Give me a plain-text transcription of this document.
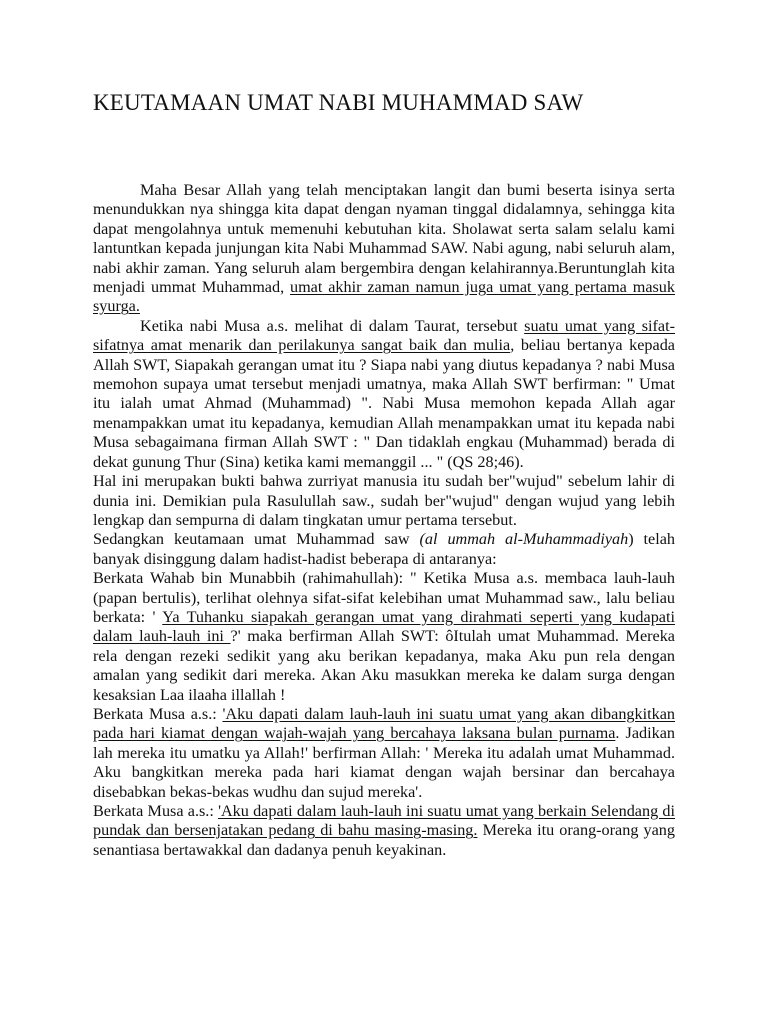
KEUTAMAAN UMAT NABI MUHAMMAD SAW

Maha Besar Allah yang telah menciptakan langit dan bumi beserta isinya serta menundukkan nya shingga kita dapat dengan nyaman tinggal didalamnya, sehingga kita dapat mengolahnya untuk memenuhi kebutuhan kita. Sholawat serta salam selalu kami lantuntkan kepada junjungan kita Nabi Muhammad SAW. Nabi agung, nabi seluruh alam, nabi akhir zaman. Yang seluruh alam bergembira dengan kelahirannya.Beruntunglah kita menjadi ummat Muhammad, umat akhir zaman namun juga umat yang pertama masuk syurga.

Ketika nabi Musa a.s. melihat di dalam Taurat, tersebut suatu umat yang sifat-sifatnya amat menarik dan perilakunya sangat baik dan mulia, beliau bertanya kepada Allah SWT, Siapakah gerangan umat itu ? Siapa nabi yang diutus kepadanya ? nabi Musa memohon supaya umat tersebut menjadi umatnya, maka Allah SWT berfirman: " Umat itu ialah umat Ahmad (Muhammad) ". Nabi Musa memohon kepada Allah agar menampakkan umat itu kepadanya, kemudian Allah menampakkan umat itu kepada nabi Musa sebagaimana firman Allah SWT : " Dan tidaklah engkau (Muhammad) berada di dekat gunung Thur (Sina) ketika kami memanggil ... " (QS 28;46).

Hal ini merupakan bukti bahwa zurriyat manusia itu sudah ber"wujud" sebelum lahir di dunia ini. Demikian pula Rasulullah saw., sudah ber"wujud" dengan wujud yang lebih lengkap dan sempurna di dalam tingkatan umur pertama tersebut.

Sedangkan keutamaan umat Muhammad saw (al ummah al-Muhammadiyah) telah banyak disinggung dalam hadist-hadist beberapa di antaranya:

Berkata Wahab bin Munabbih (rahimahullah): " Ketika Musa a.s. membaca lauh-lauh (papan bertulis), terlihat olehnya sifat-sifat kelebihan umat Muhammad saw., lalu beliau berkata: ' Ya Tuhanku siapakah gerangan umat yang dirahmati seperti yang kudapati dalam lauh-lauh ini ?' maka berfirman Allah SWT: ôItulah umat Muhammad. Mereka rela dengan rezeki sedikit yang aku berikan kepadanya, maka Aku pun rela dengan amalan yang sedikit dari mereka. Akan Aku masukkan mereka ke dalam surga dengan kesaksian Laa ilaaha illallah !

Berkata Musa a.s.: 'Aku dapati dalam lauh-lauh ini suatu umat yang akan dibangkitkan pada hari kiamat dengan wajah-wajah yang bercahaya laksana bulan purnama. Jadikan lah mereka itu umatku ya Allah!' berfirman Allah: ' Mereka itu adalah umat Muhammad. Aku bangkitkan mereka pada hari kiamat dengan wajah bersinar dan bercahaya disebabkan bekas-bekas wudhu dan sujud mereka'.

Berkata Musa a.s.: 'Aku dapati dalam lauh-lauh ini suatu umat yang berkain Selendang di pundak dan bersenjatakan pedang di bahu masing-masing. Mereka itu orang-orang yang senantiasa bertawakkal dan dadanya penuh keyakinan.
